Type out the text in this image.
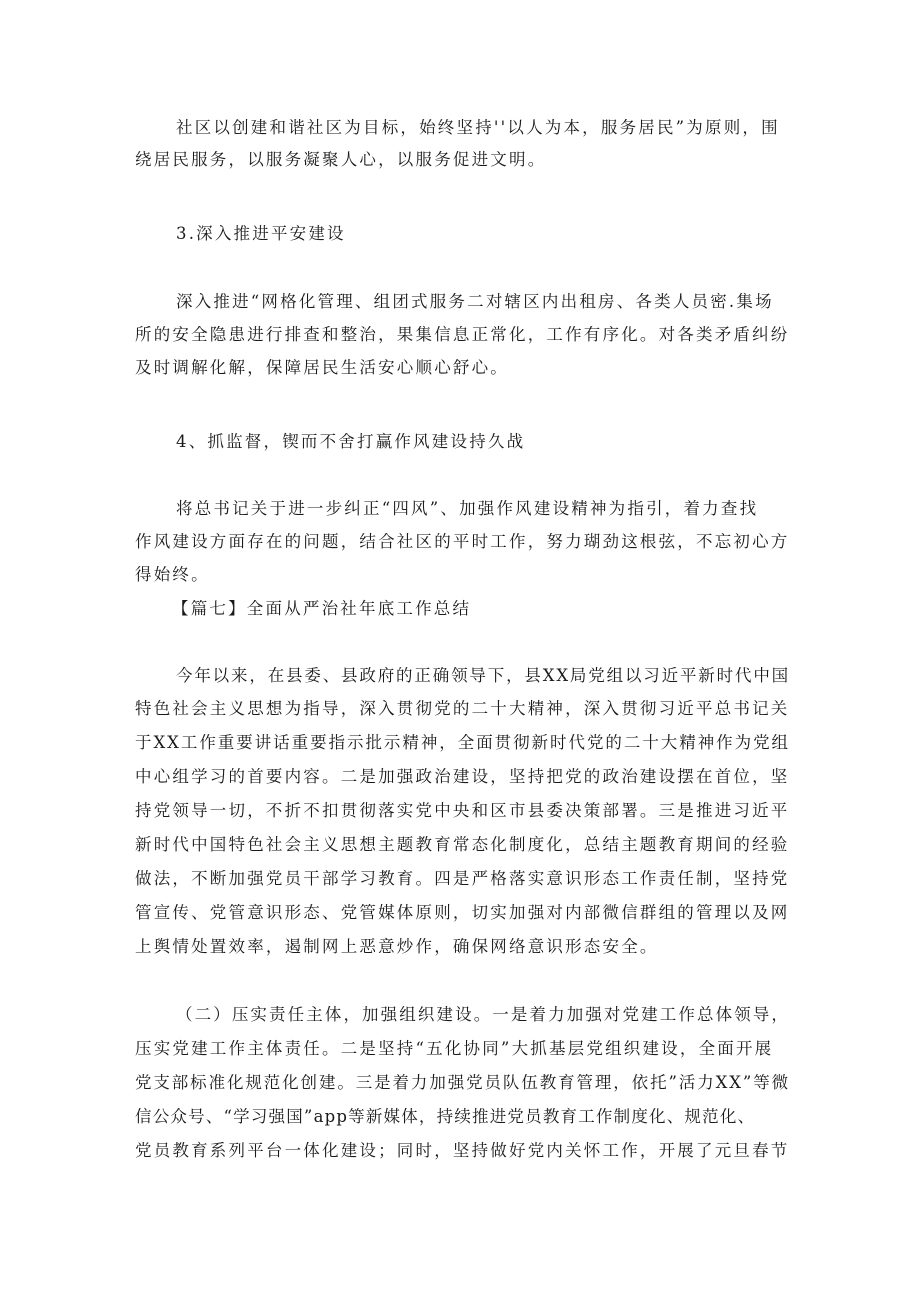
社区以创建和谐社区为目标，始终坚持''以人为本，服务居民”为原则，围
绕居民服务，以服务凝聚人心，以服务促进文明。
3.深入推进平安建设
深入推进“网格化管理、组团式服务二对辖区内出租房、各类人员密.集场
所的安全隐患进行排查和整治，果集信息正常化，工作有序化。对各类矛盾纠纷
及时调解化解，保障居民生活安心顺心舒心。
4、抓监督，锲而不舍打赢作风建设持久战
将总书记关于进一步纠正“四风”、加强作风建设精神为指引，着力查找
作风建设方面存在的问题，结合社区的平时工作，努力瑚劲这根弦，不忘初心方
得始终。
【篇七】全面从严治社年底工作总结
今年以来，在县委、县政府的正确领导下，县XX局党组以习近平新时代中国
特色社会主义思想为指导，深入贯彻党的二十大精神，深入贯彻习近平总书记关
于XX工作重要讲话重要指示批示精神，全面贯彻新时代党的二十大精神作为党组
中心组学习的首要内容。二是加强政治建设，坚持把党的政治建设摆在首位，坚
持党领导一切，不折不扣贯彻落实党中央和区市县委决策部署。三是推进习近平
新时代中国特色社会主义思想主题教育常态化制度化，总结主题教育期间的经验
做法，不断加强党员干部学习教育。四是严格落实意识形态工作责任制，坚持党
管宣传、党管意识形态、党管媒体原则，切实加强对内部微信群组的管理以及网
上舆情处置效率，遏制网上恶意炒作，确保网络意识形态安全。
（二）压实责任主体，加强组织建设。一是着力加强对党建工作总体领导，
压实党建工作主体责任。二是坚持“五化协同”大抓基层党组织建设，全面开展
党支部标准化规范化创建。三是着力加强党员队伍教育管理，依托”活力XX”等微
信公众号、“学习强国”app等新媒体，持续推进党员教育工作制度化、规范化、
党员教育系列平台一体化建设；同时，坚持做好党内关怀工作，开展了元旦春节
